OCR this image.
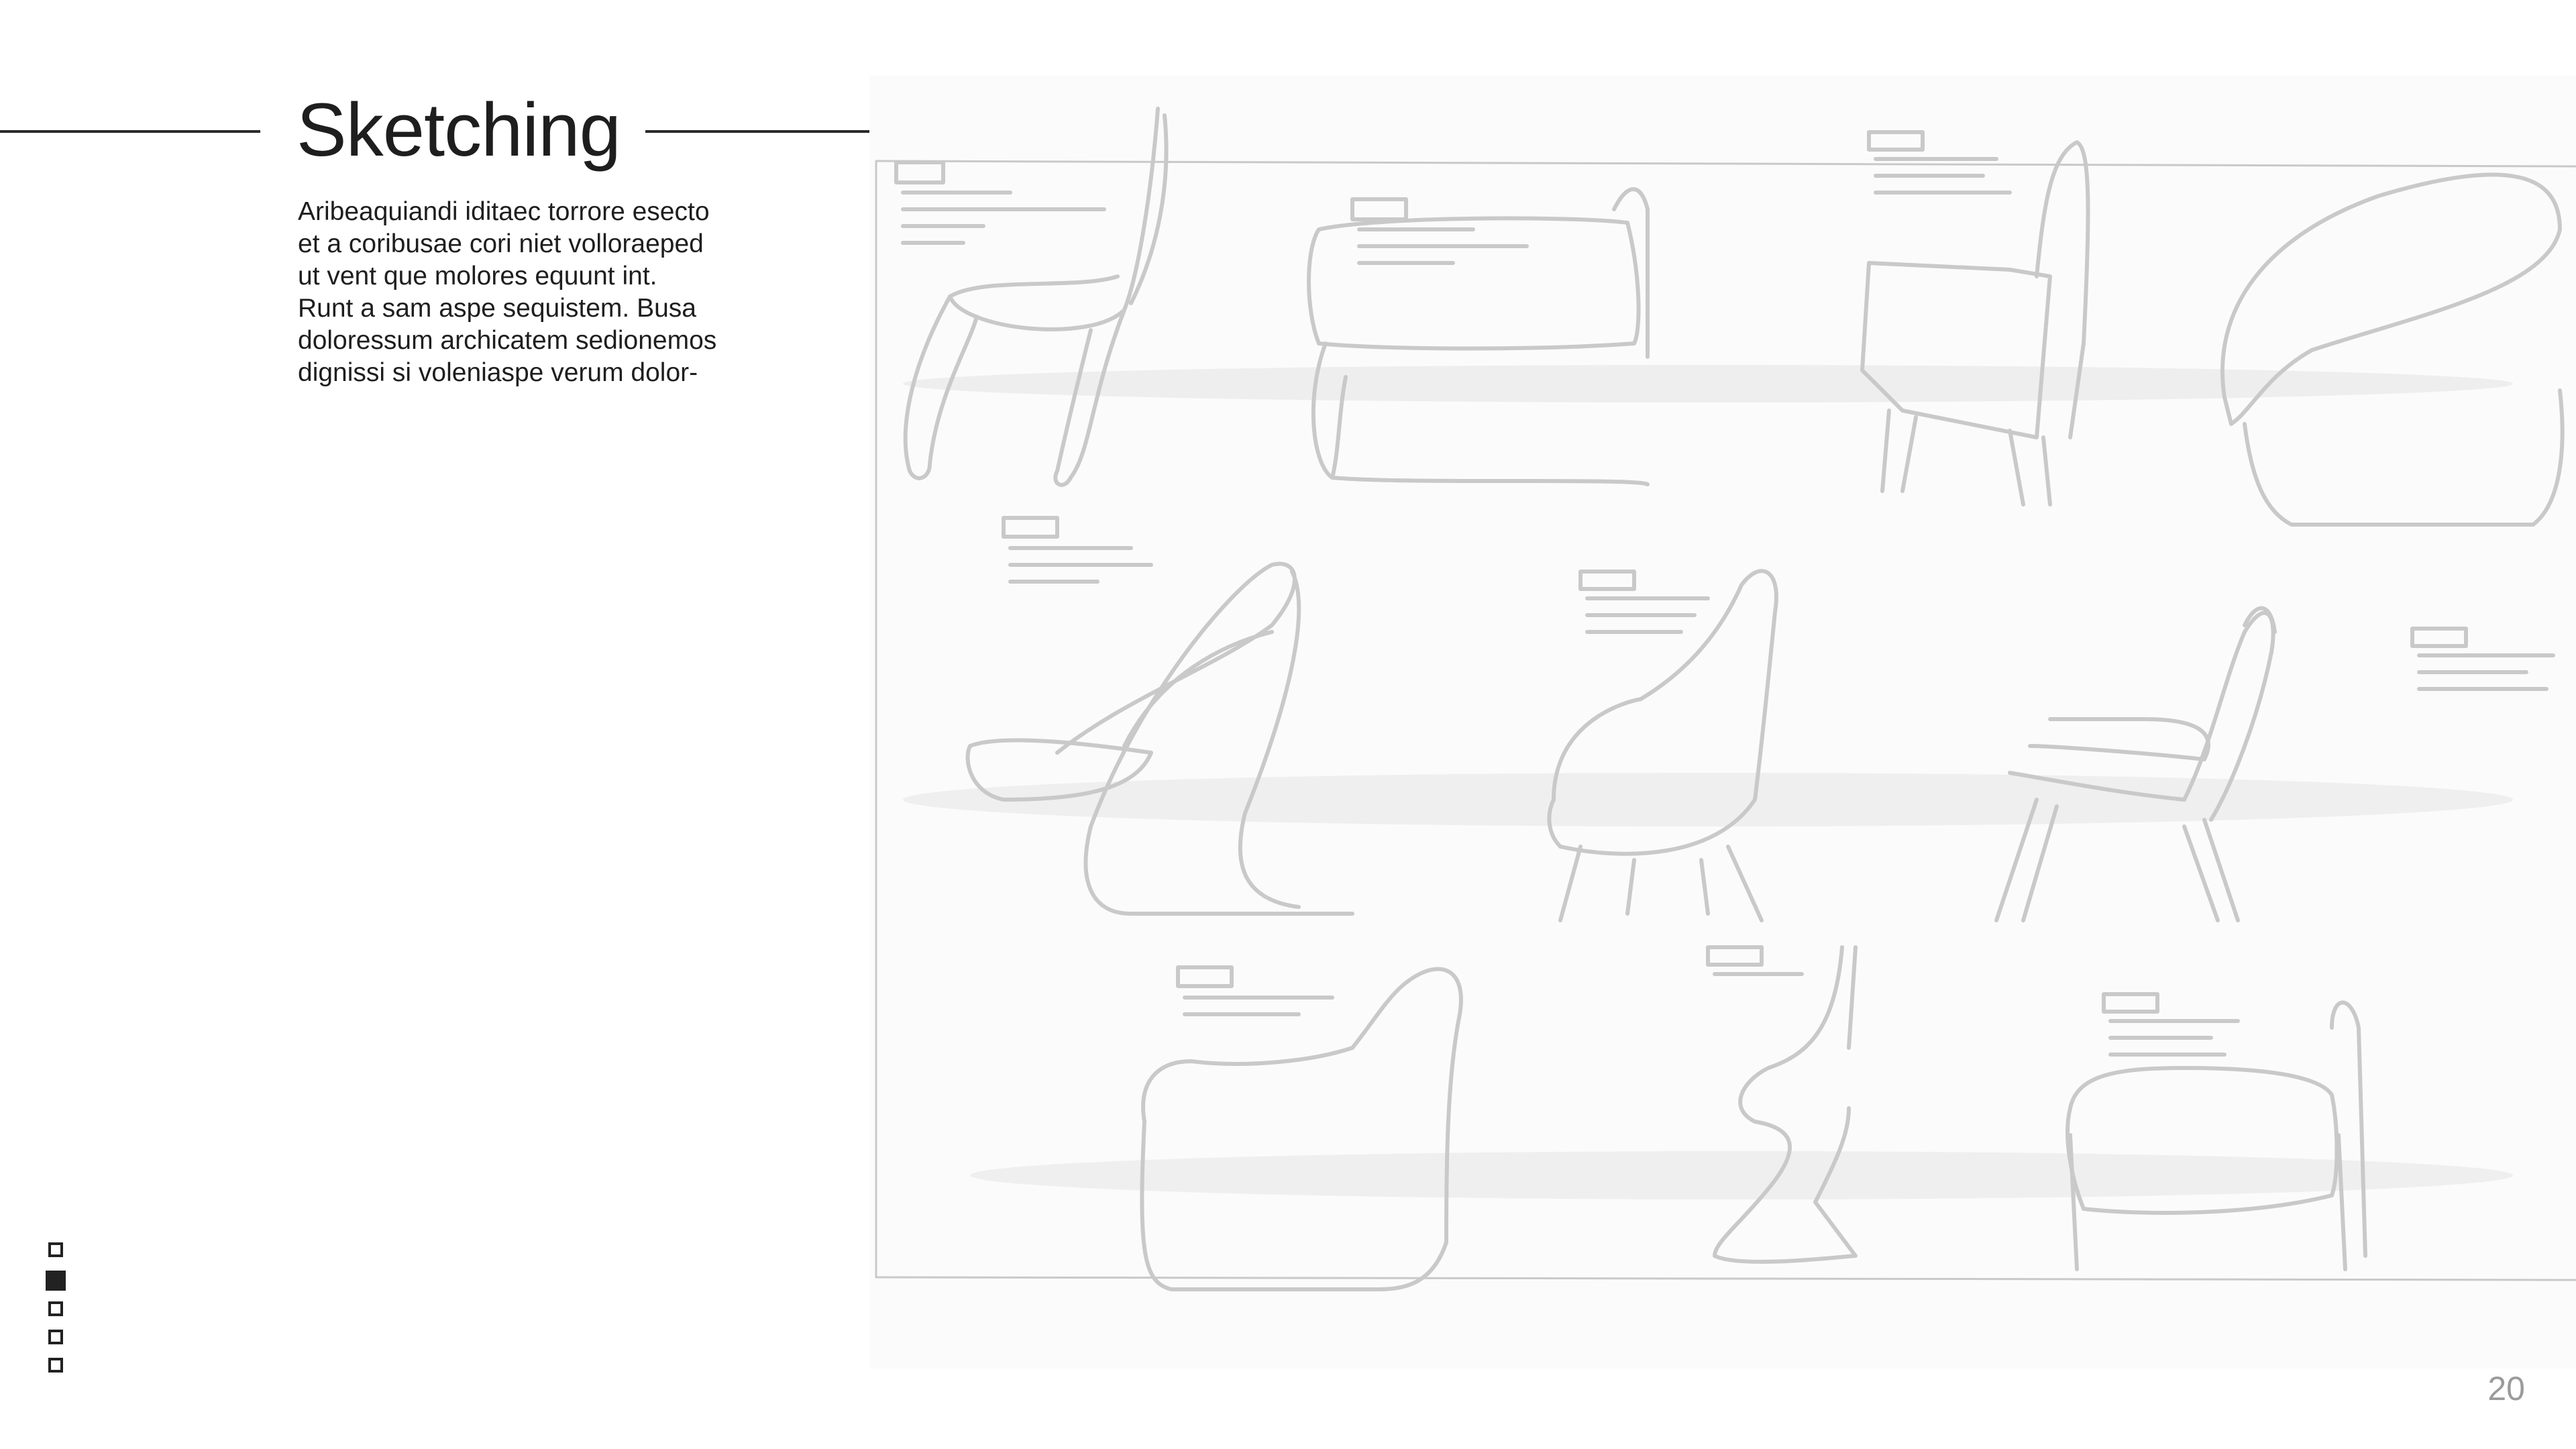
Sketching

Aribeaquiandi iditaec torrore esecto
et a coribusae cori niet volloraeped
ut vent que molores equunt int.
Runt a sam aspe sequistem. Busa
doloressum archicatem sedionemos
dignissi si voleniaspe verum dolor-

20
